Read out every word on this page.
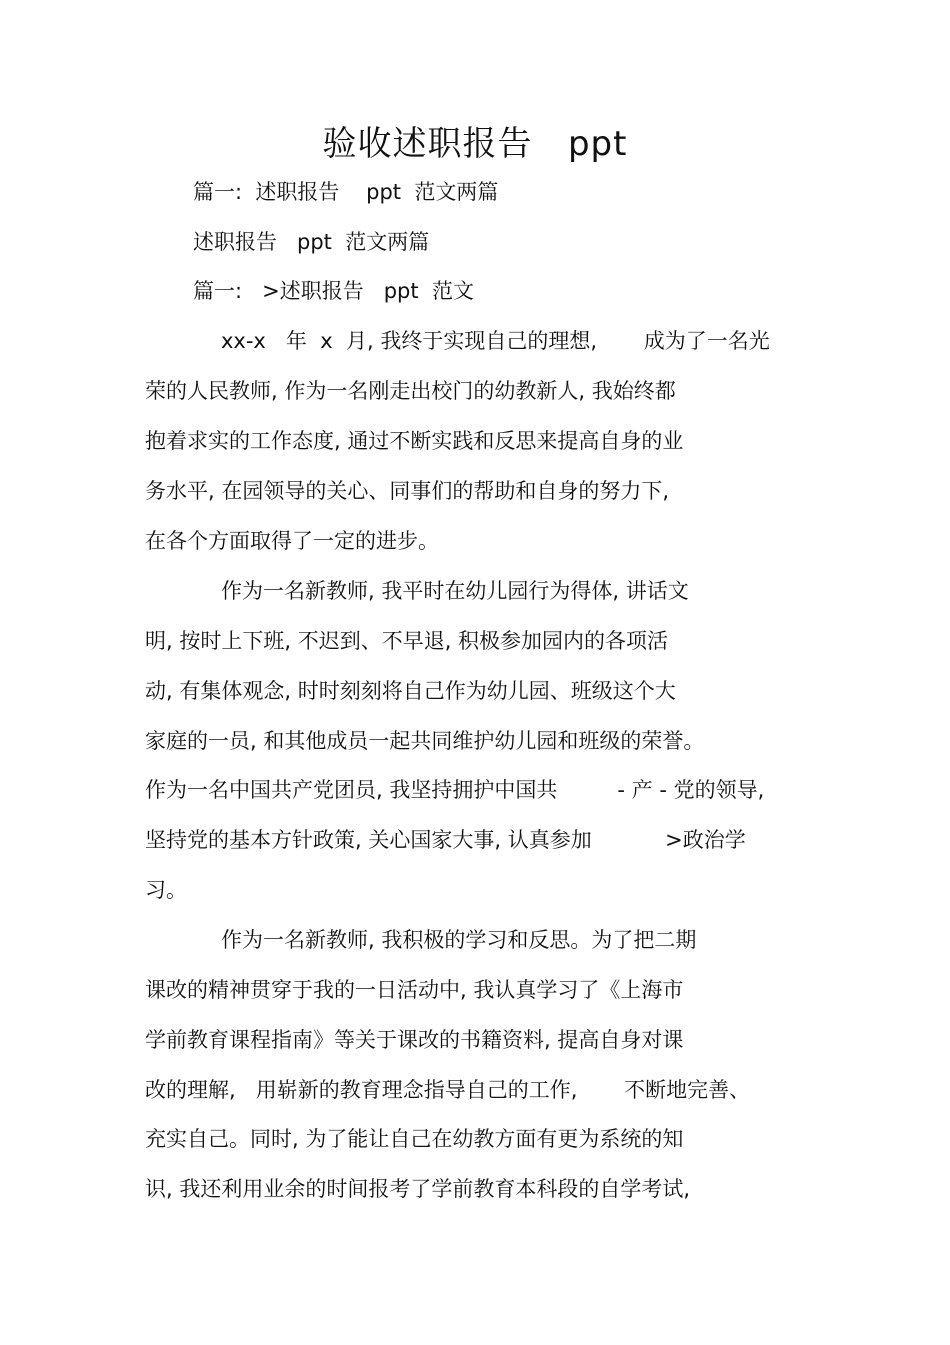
验收述职报告   ppt
篇一:  述职报告    ppt  范文两篇
述职报告   ppt  范文两篇
篇一:   >述职报告   ppt  范文
xx-x   年  x  月, 我终于实现自己的理想,       成为了一名光
荣的人民教师, 作为一名刚走出校门的幼教新人, 我始终都
抱着求实的工作态度, 通过不断实践和反思来提高自身的业
务水平, 在园领导的关心、同事们的帮助和自身的努力下,
在各个方面取得了一定的进步。
作为一名新教师, 我平时在幼儿园行为得体, 讲话文
明, 按时上下班, 不迟到、不早退, 积极参加园内的各项活
动, 有集体观念, 时时刻刻将自己作为幼儿园、班级这个大
家庭的一员, 和其他成员一起共同维护幼儿园和班级的荣誉。
作为一名中国共产党团员, 我坚持拥护中国共         - 产 - 党的领导,
坚持党的基本方针政策, 关心国家大事, 认真参加           >政治学
习。
作为一名新教师, 我积极的学习和反思。为了把二期
课改的精神贯穿于我的一日活动中, 我认真学习了《上海市
学前教育课程指南》等关于课改的书籍资料, 提高自身对课
改的理解,   用崭新的教育理念指导自己的工作,       不断地完善、
充实自己。同时, 为了能让自己在幼教方面有更为系统的知
识, 我还利用业余的时间报考了学前教育本科段的自学考试,
